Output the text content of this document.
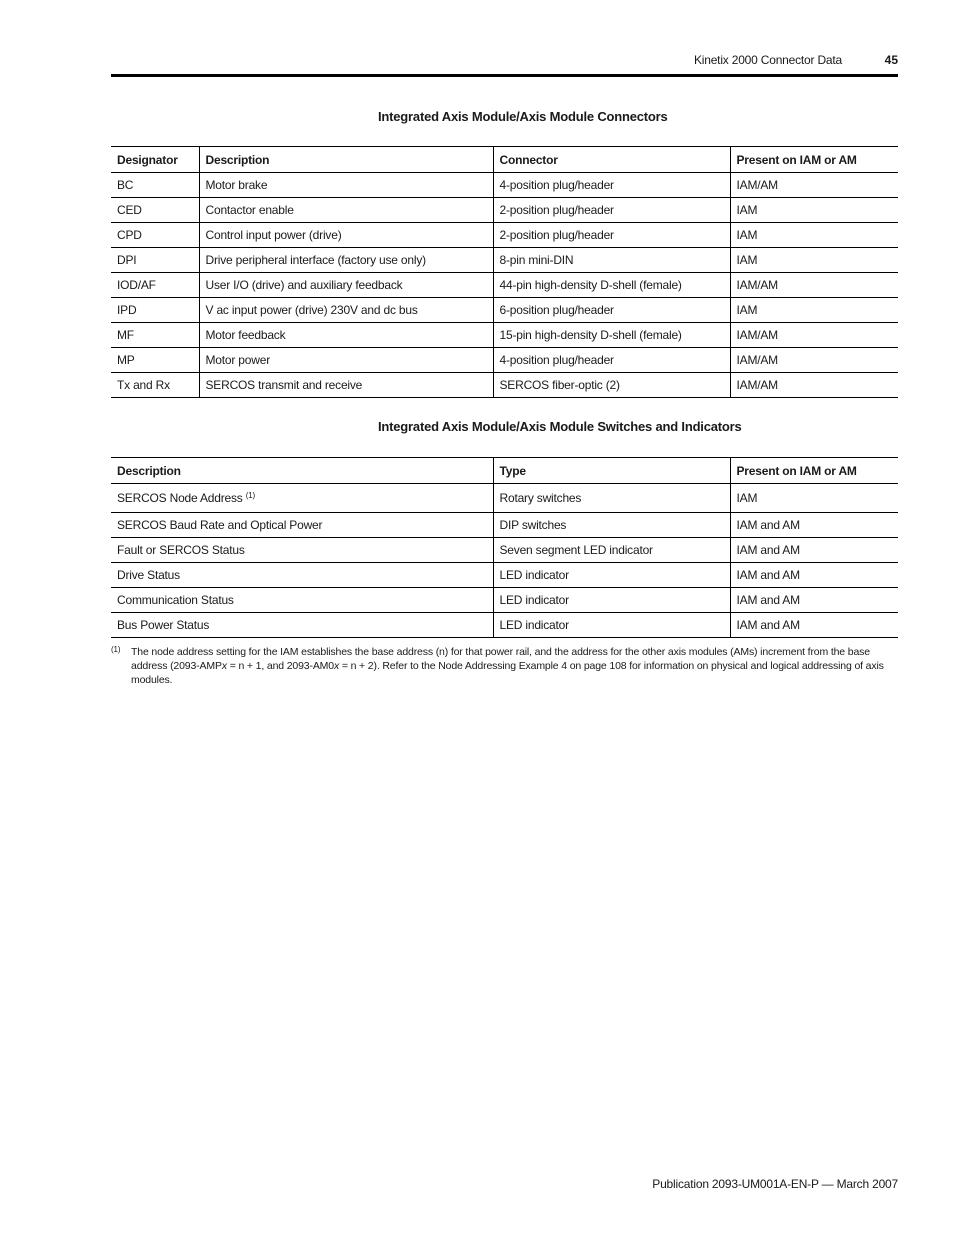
Kinetix 2000 Connector Data	45
Integrated Axis Module/Axis Module Connectors
Designator	Description	Connector	Present on IAM or AM
BC	Motor brake	4-position plug/header	IAM/AM
CED	Contactor enable	2-position plug/header	IAM
CPD	Control input power (drive)	2-position plug/header	IAM
DPI	Drive peripheral interface (factory use only)	8-pin mini-DIN	IAM
IOD/AF	User I/O (drive) and auxiliary feedback	44-pin high-density D-shell (female)	IAM/AM
IPD	V ac input power (drive) 230V and dc bus	6-position plug/header	IAM
MF	Motor feedback	15-pin high-density D-shell (female)	IAM/AM
MP	Motor power	4-position plug/header	IAM/AM
Tx and Rx	SERCOS transmit and receive	SERCOS fiber-optic (2)	IAM/AM
Integrated Axis Module/Axis Module Switches and Indicators
Description	Type	Present on IAM or AM
SERCOS Node Address $^{(1)}$	Rotary switches	IAM
SERCOS Baud Rate and Optical Power	DIP switches	IAM and AM
Fault or SERCOS Status	Seven segment LED indicator	IAM and AM
Drive Status	LED indicator	IAM and AM
Communication Status	LED indicator	IAM and AM
Bus Power Status	LED indicator	IAM and AM
(1) The node address setting for the IAM establishes the base address (n) for that power rail, and the address for the other axis modules (AMs) increment from the base address (2093-AMPx = n + 1, and 2093-AM0x = n + 2). Refer to the Node Addressing Example 4 on page 108 for information on physical and logical addressing of axis modules.
Publication 2093-UM001A-EN-P — March 2007
